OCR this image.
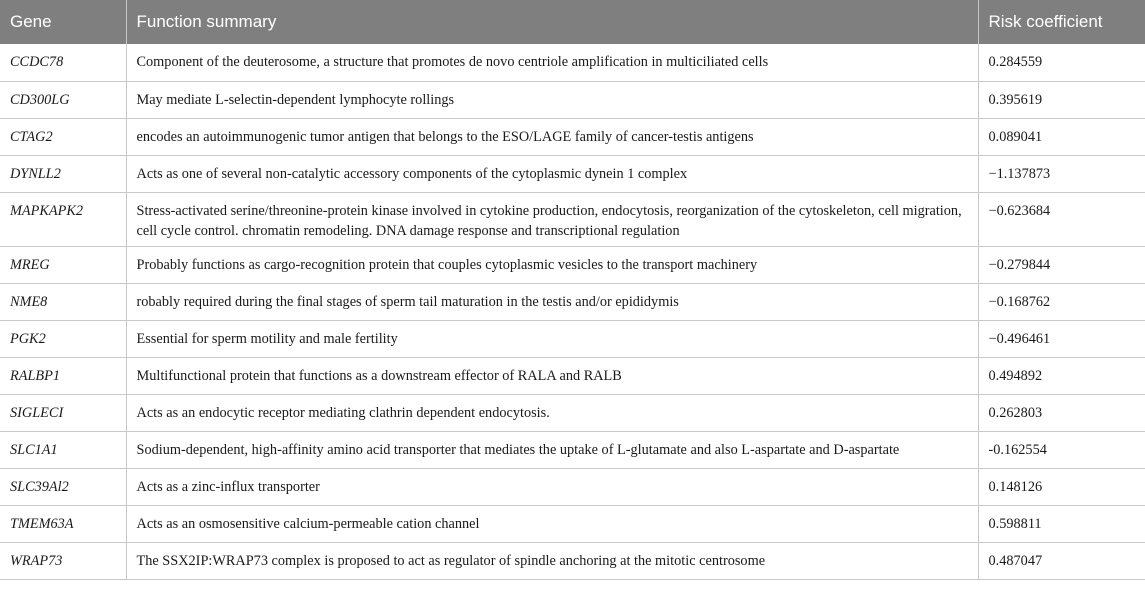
Gene	Function summary	Risk coefficient
CCDC78	Component of the deuterosome, a structure that promotes de novo centriole amplification in multiciliated cells	0.284559
CD300LG	May mediate L-selectin-dependent lymphocyte rollings	0.395619
CTAG2	encodes an autoimmunogenic tumor antigen that belongs to the ESO/LAGE family of cancer-testis antigens	0.089041
DYNLL2	Acts as one of several non-catalytic accessory components of the cytoplasmic dynein 1 complex	−1.137873
MAPKAPK2	Stress-activated serine/threonine-protein kinase involved in cytokine production, endocytosis, reorganization of the cytoskeleton, cell migration, cell cycle control. chromatin remodeling. DNA damage response and transcriptional regulation	−0.623684
MREG	Probably functions as cargo-recognition protein that couples cytoplasmic vesicles to the transport machinery	−0.279844
NME8	robably required during the final stages of sperm tail maturation in the testis and/or epididymis	−0.168762
PGK2	Essential for sperm motility and male fertility	−0.496461
RALBP1	Multifunctional protein that functions as a downstream effector of RALA and RALB	0.494892
SIGLECI	Acts as an endocytic receptor mediating clathrin dependent endocytosis.	0.262803
SLC1A1	Sodium-dependent, high-affinity amino acid transporter that mediates the uptake of L-glutamate and also L-aspartate and D-aspartate	-0.162554
SLC39Al2	Acts as a zinc-influx transporter	0.148126
TMEM63A	Acts as an osmosensitive calcium-permeable cation channel	0.598811
WRAP73	The SSX2IP:WRAP73 complex is proposed to act as regulator of spindle anchoring at the mitotic centrosome	0.487047
